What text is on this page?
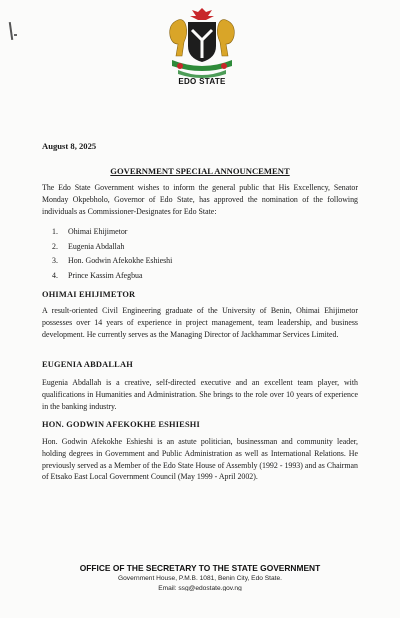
EDO STATE
August 8, 2025
GOVERNMENT SPECIAL ANNOUNCEMENT
The Edo State Government wishes to inform the general public that His Excellency, Senator Monday Okpebholo, Governor of Edo State, has approved the nomination of the following individuals as Commissioner-Designates for Edo State:
1. Ohimai Ehijimetor
2. Eugenia Abdallah
3. Hon. Godwin Afekokhe Eshieshi
4. Prince Kassim Afegbua
OHIMAI EHIJIMETOR
A result-oriented Civil Engineering graduate of the University of Benin, Ohimai Ehijimetor possesses over 14 years of experience in project management, team leadership, and business development. He currently serves as the Managing Director of Jackhammar Services Limited.
EUGENIA ABDALLAH
Eugenia Abdallah is a creative, self-directed executive and an excellent team player, with qualifications in Humanities and Administration. She brings to the role over 10 years of experience in the banking industry.
HON. GODWIN AFEKOKHE ESHIESHI
Hon. Godwin Afekokhe Eshieshi is an astute politician, businessman and community leader, holding degrees in Government and Public Administration as well as International Relations. He previously served as a Member of the Edo State House of Assembly (1992 - 1993) and as Chairman of Etsako East Local Government Council (May 1999 - April 2002).
OFFICE OF THE SECRETARY TO THE STATE GOVERNMENT
Government House, P.M.B. 1081, Benin City, Edo State.
Email: ssg@edostate.gov.ng
